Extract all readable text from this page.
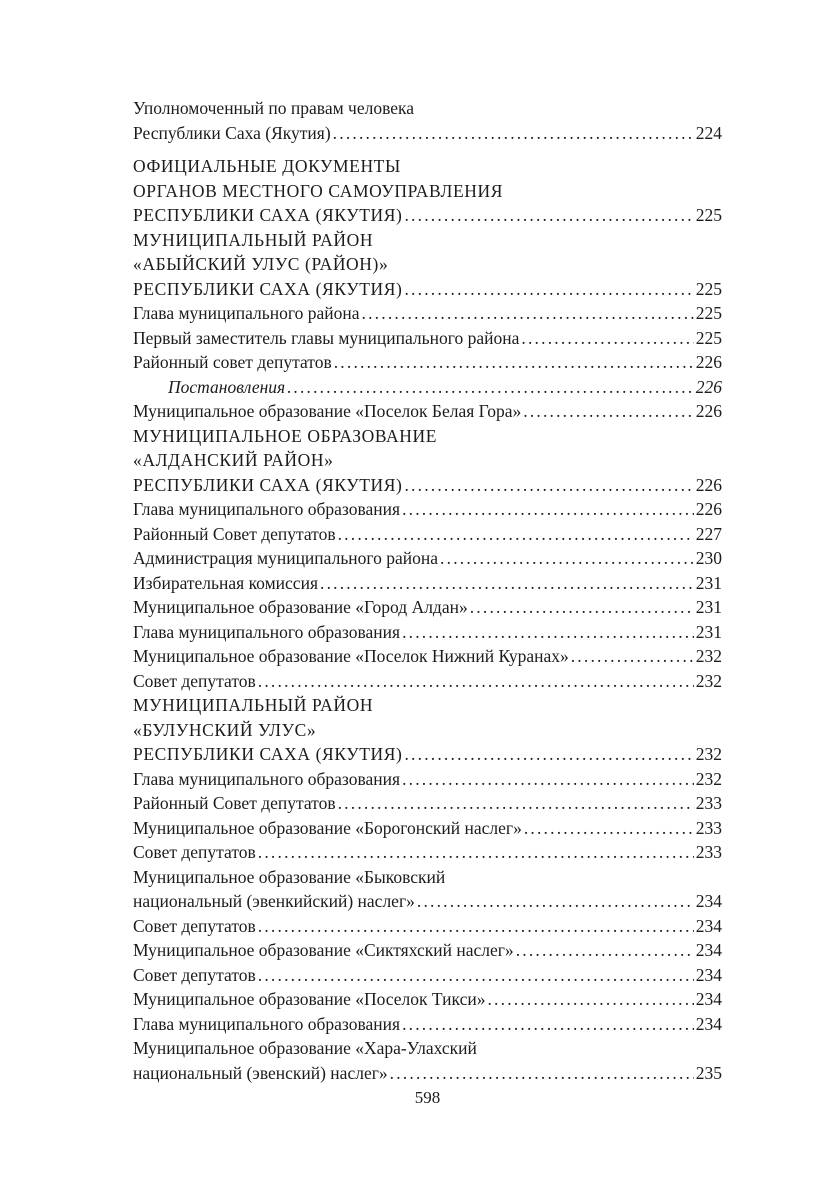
Уполномоченный по правам человека
Республики Саха (Якутия) .....	224
ОФИЦИАЛЬНЫЕ ДОКУМЕНТЫ
ОРГАНОВ МЕСТНОГО САМОУПРАВЛЕНИЯ
РЕСПУБЛИКИ САХА (ЯКУТИЯ) .....	225
МУНИЦИПАЛЬНЫЙ РАЙОН
«АБЫЙСКИЙ УЛУС (РАЙОН)»
РЕСПУБЛИКИ САХА (ЯКУТИЯ) .....	225
Глава муниципального района .....	225
Первый заместитель главы муниципального района .....	225
Районный совет депутатов .....	226
Постановления .....	226
Муниципальное образование «Поселок Белая Гора» .....	226
МУНИЦИПАЛЬНОЕ ОБРАЗОВАНИЕ
«АЛДАНСКИЙ РАЙОН»
РЕСПУБЛИКИ САХА (ЯКУТИЯ) .....	226
Глава муниципального образования .....	226
Районный Совет депутатов .....	227
Администрация муниципального района .....	230
Избирательная комиссия .....	231
Муниципальное образование «Город Алдан» .....	231
Глава муниципального образования .....	231
Муниципальное образование «Поселок Нижний Куранах» .....	232
Совет депутатов .....	232
МУНИЦИПАЛЬНЫЙ РАЙОН
«БУЛУНСКИЙ УЛУС»
РЕСПУБЛИКИ САХА (ЯКУТИЯ) .....	232
Глава муниципального образования .....	232
Районный Совет депутатов .....	233
Муниципальное образование «Борогонский наслег» .....	233
Совет депутатов .....	233
Муниципальное образование «Быковский
национальный (эвенкийский) наслег» .....	234
Совет депутатов .....	234
Муниципальное образование «Сиктяхский наслег» .....	234
Совет депутатов .....	234
Муниципальное образование «Поселок Тикси» .....	234
Глава муниципального образования .....	234
Муниципальное образование «Хара-Улахский
национальный (эвенский) наслег» .....	235
598
